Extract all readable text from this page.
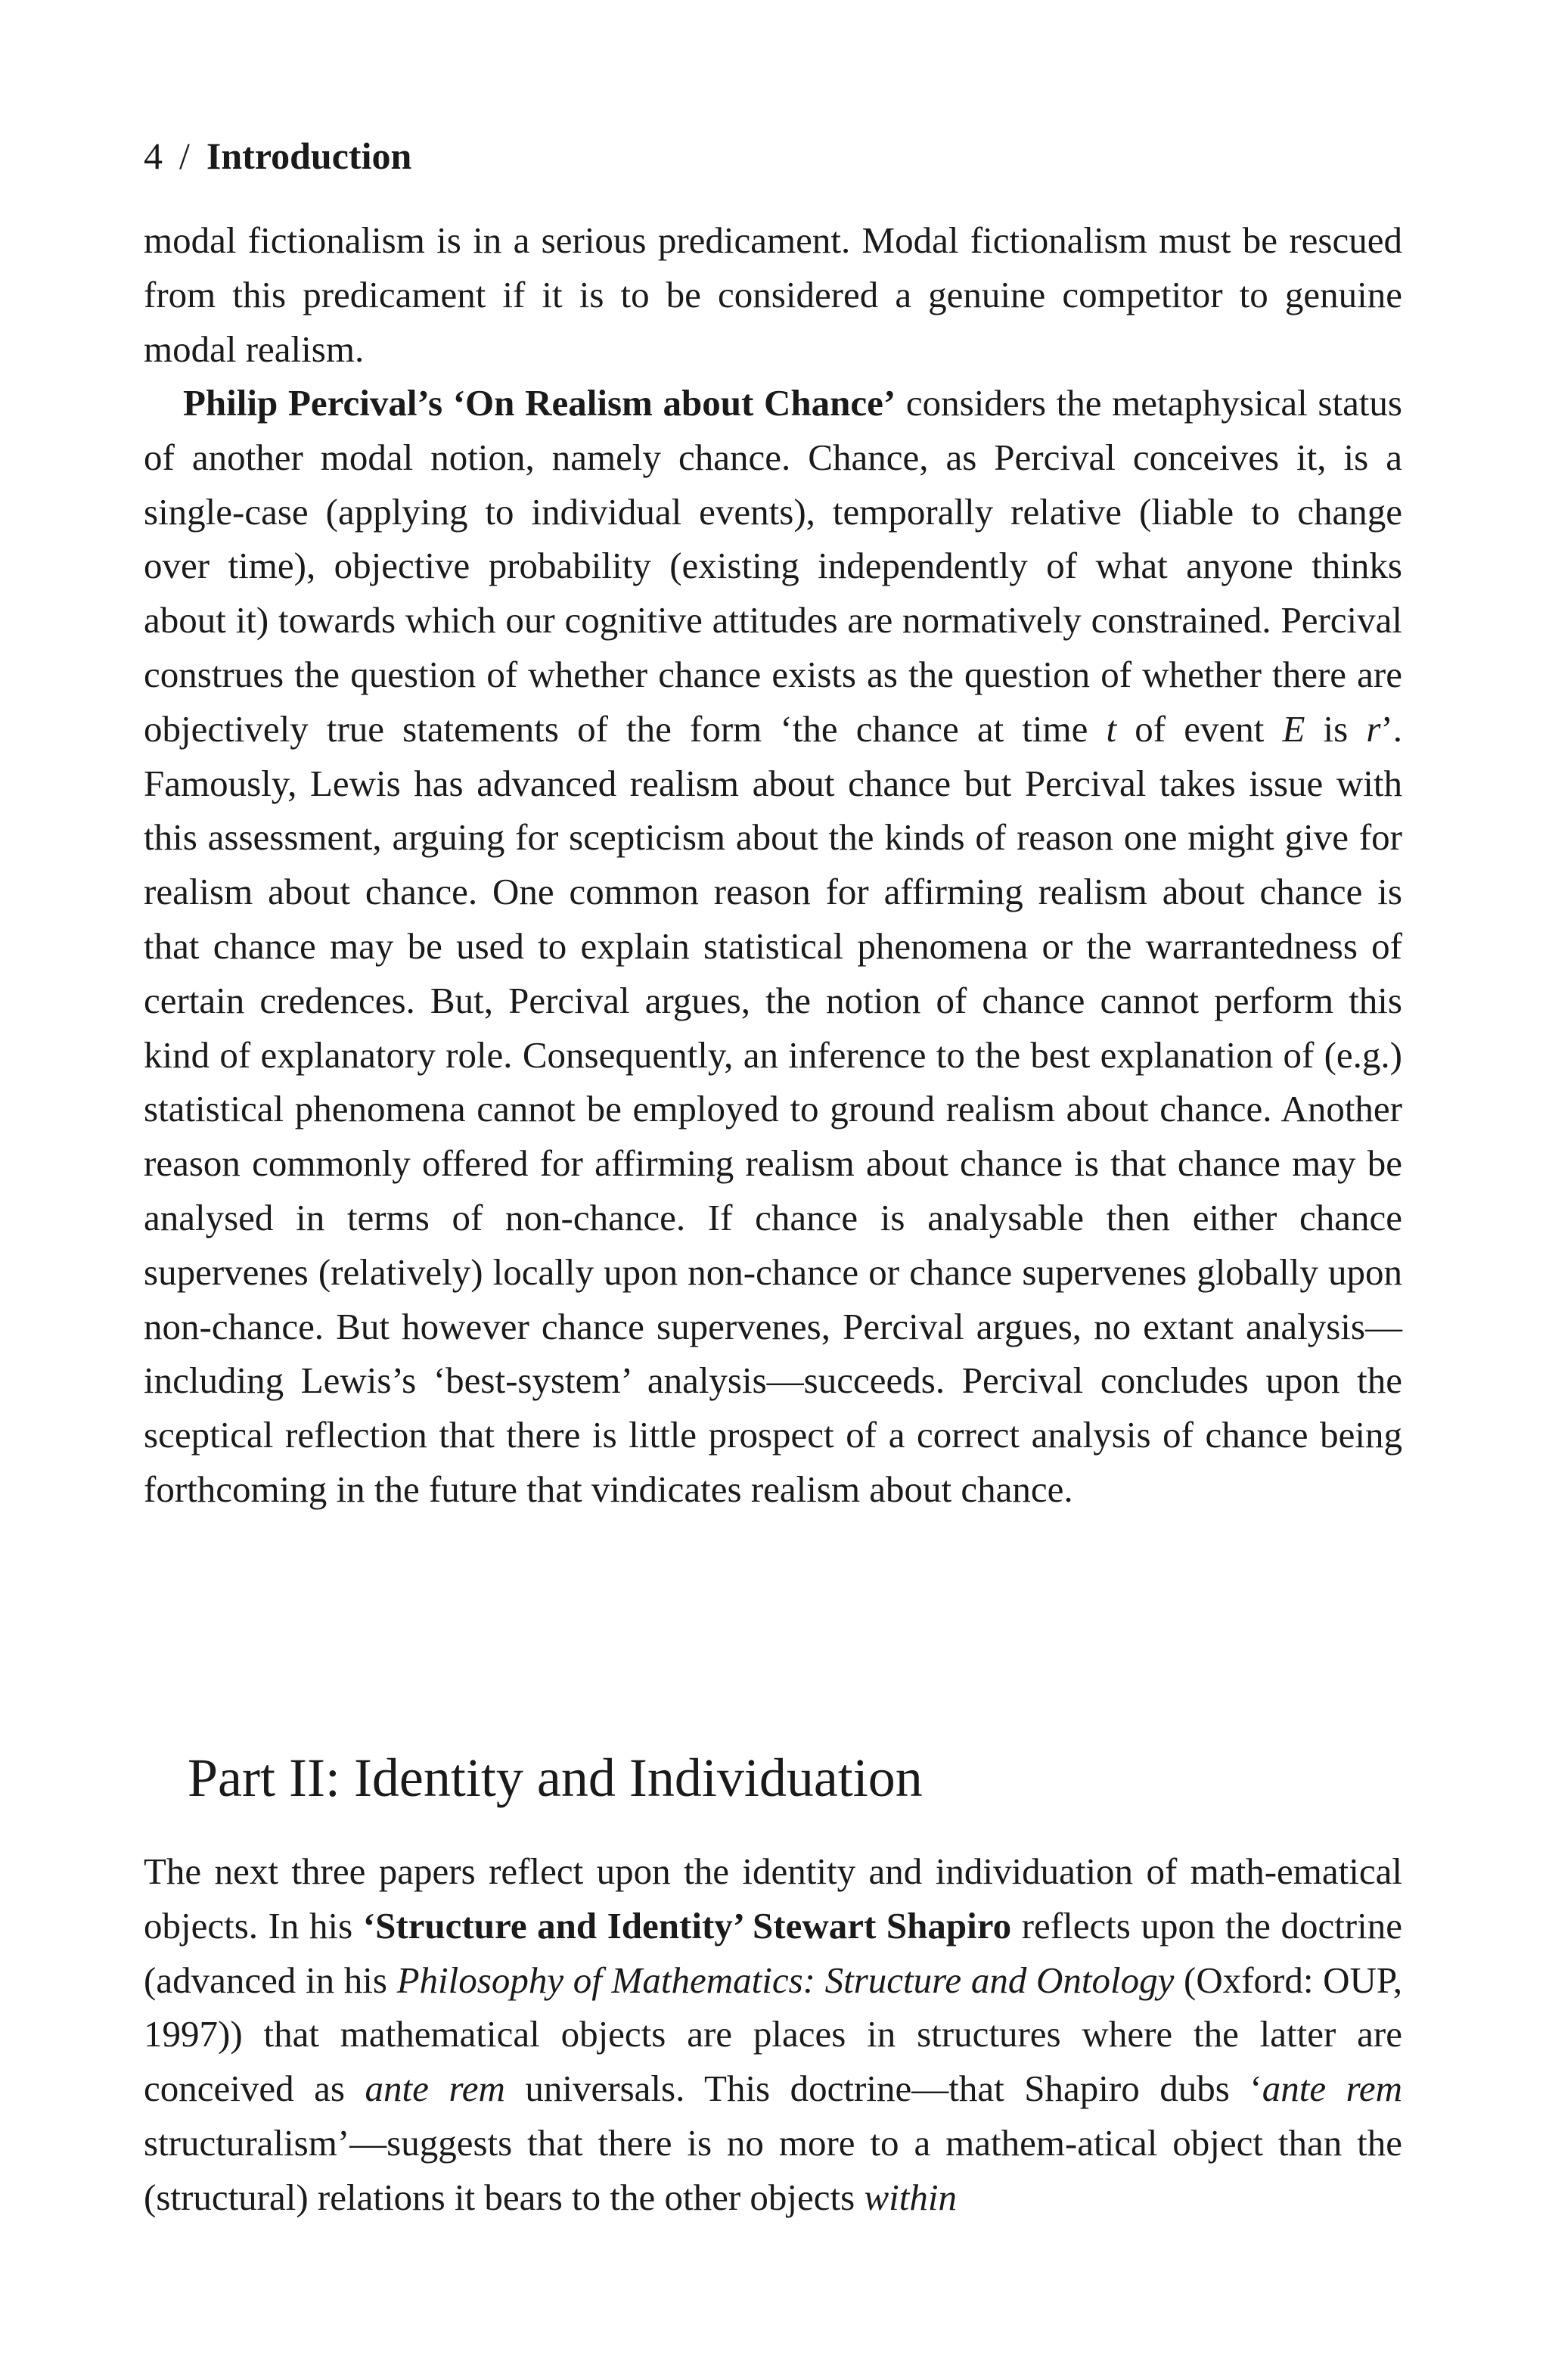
4 / Introduction

modal fictionalism is in a serious predicament. Modal fictionalism must be rescued from this predicament if it is to be considered a genuine competitor to genuine modal realism.

Philip Percival’s ‘On Realism about Chance’ considers the metaphysical status of another modal notion, namely chance. Chance, as Percival conceives it, is a single-case (applying to individual events), temporally relative (liable to change over time), objective probability (existing independently of what anyone thinks about it) towards which our cognitive attitudes are normatively constrained. Percival construes the question of whether chance exists as the question of whether there are objectively true statements of the form ‘the chance at time t of event E is r’. Famously, Lewis has advanced realism about chance but Percival takes issue with this assessment, arguing for scepticism about the kinds of reason one might give for realism about chance. One common reason for affirming realism about chance is that chance may be used to explain statistical phenomena or the warrantedness of certain credences. But, Percival argues, the notion of chance cannot perform this kind of explanatory role. Consequently, an inference to the best explanation of (e.g.) statistical phenomena cannot be employed to ground realism about chance. Another reason commonly offered for affirming realism about chance is that chance may be analysed in terms of non-chance. If chance is analysable then either chance supervenes (relatively) locally upon non-chance or chance supervenes globally upon non-chance. But however chance supervenes, Percival argues, no extant analysis—including Lewis’s ‘best-system’ analysis—succeeds. Percival concludes upon the sceptical reflection that there is little prospect of a correct analysis of chance being forthcoming in the future that vindicates realism about chance.

Part II: Identity and Individuation

The next three papers reflect upon the identity and individuation of math-ematical objects. In his ‘Structure and Identity’ Stewart Shapiro reflects upon the doctrine (advanced in his Philosophy of Mathematics: Structure and Ontology (Oxford: OUP, 1997)) that mathematical objects are places in structures where the latter are conceived as ante rem universals. This doctrine—that Shapiro dubs ‘ante rem structuralism’—suggests that there is no more to a mathem-atical object than the (structural) relations it bears to the other objects within
